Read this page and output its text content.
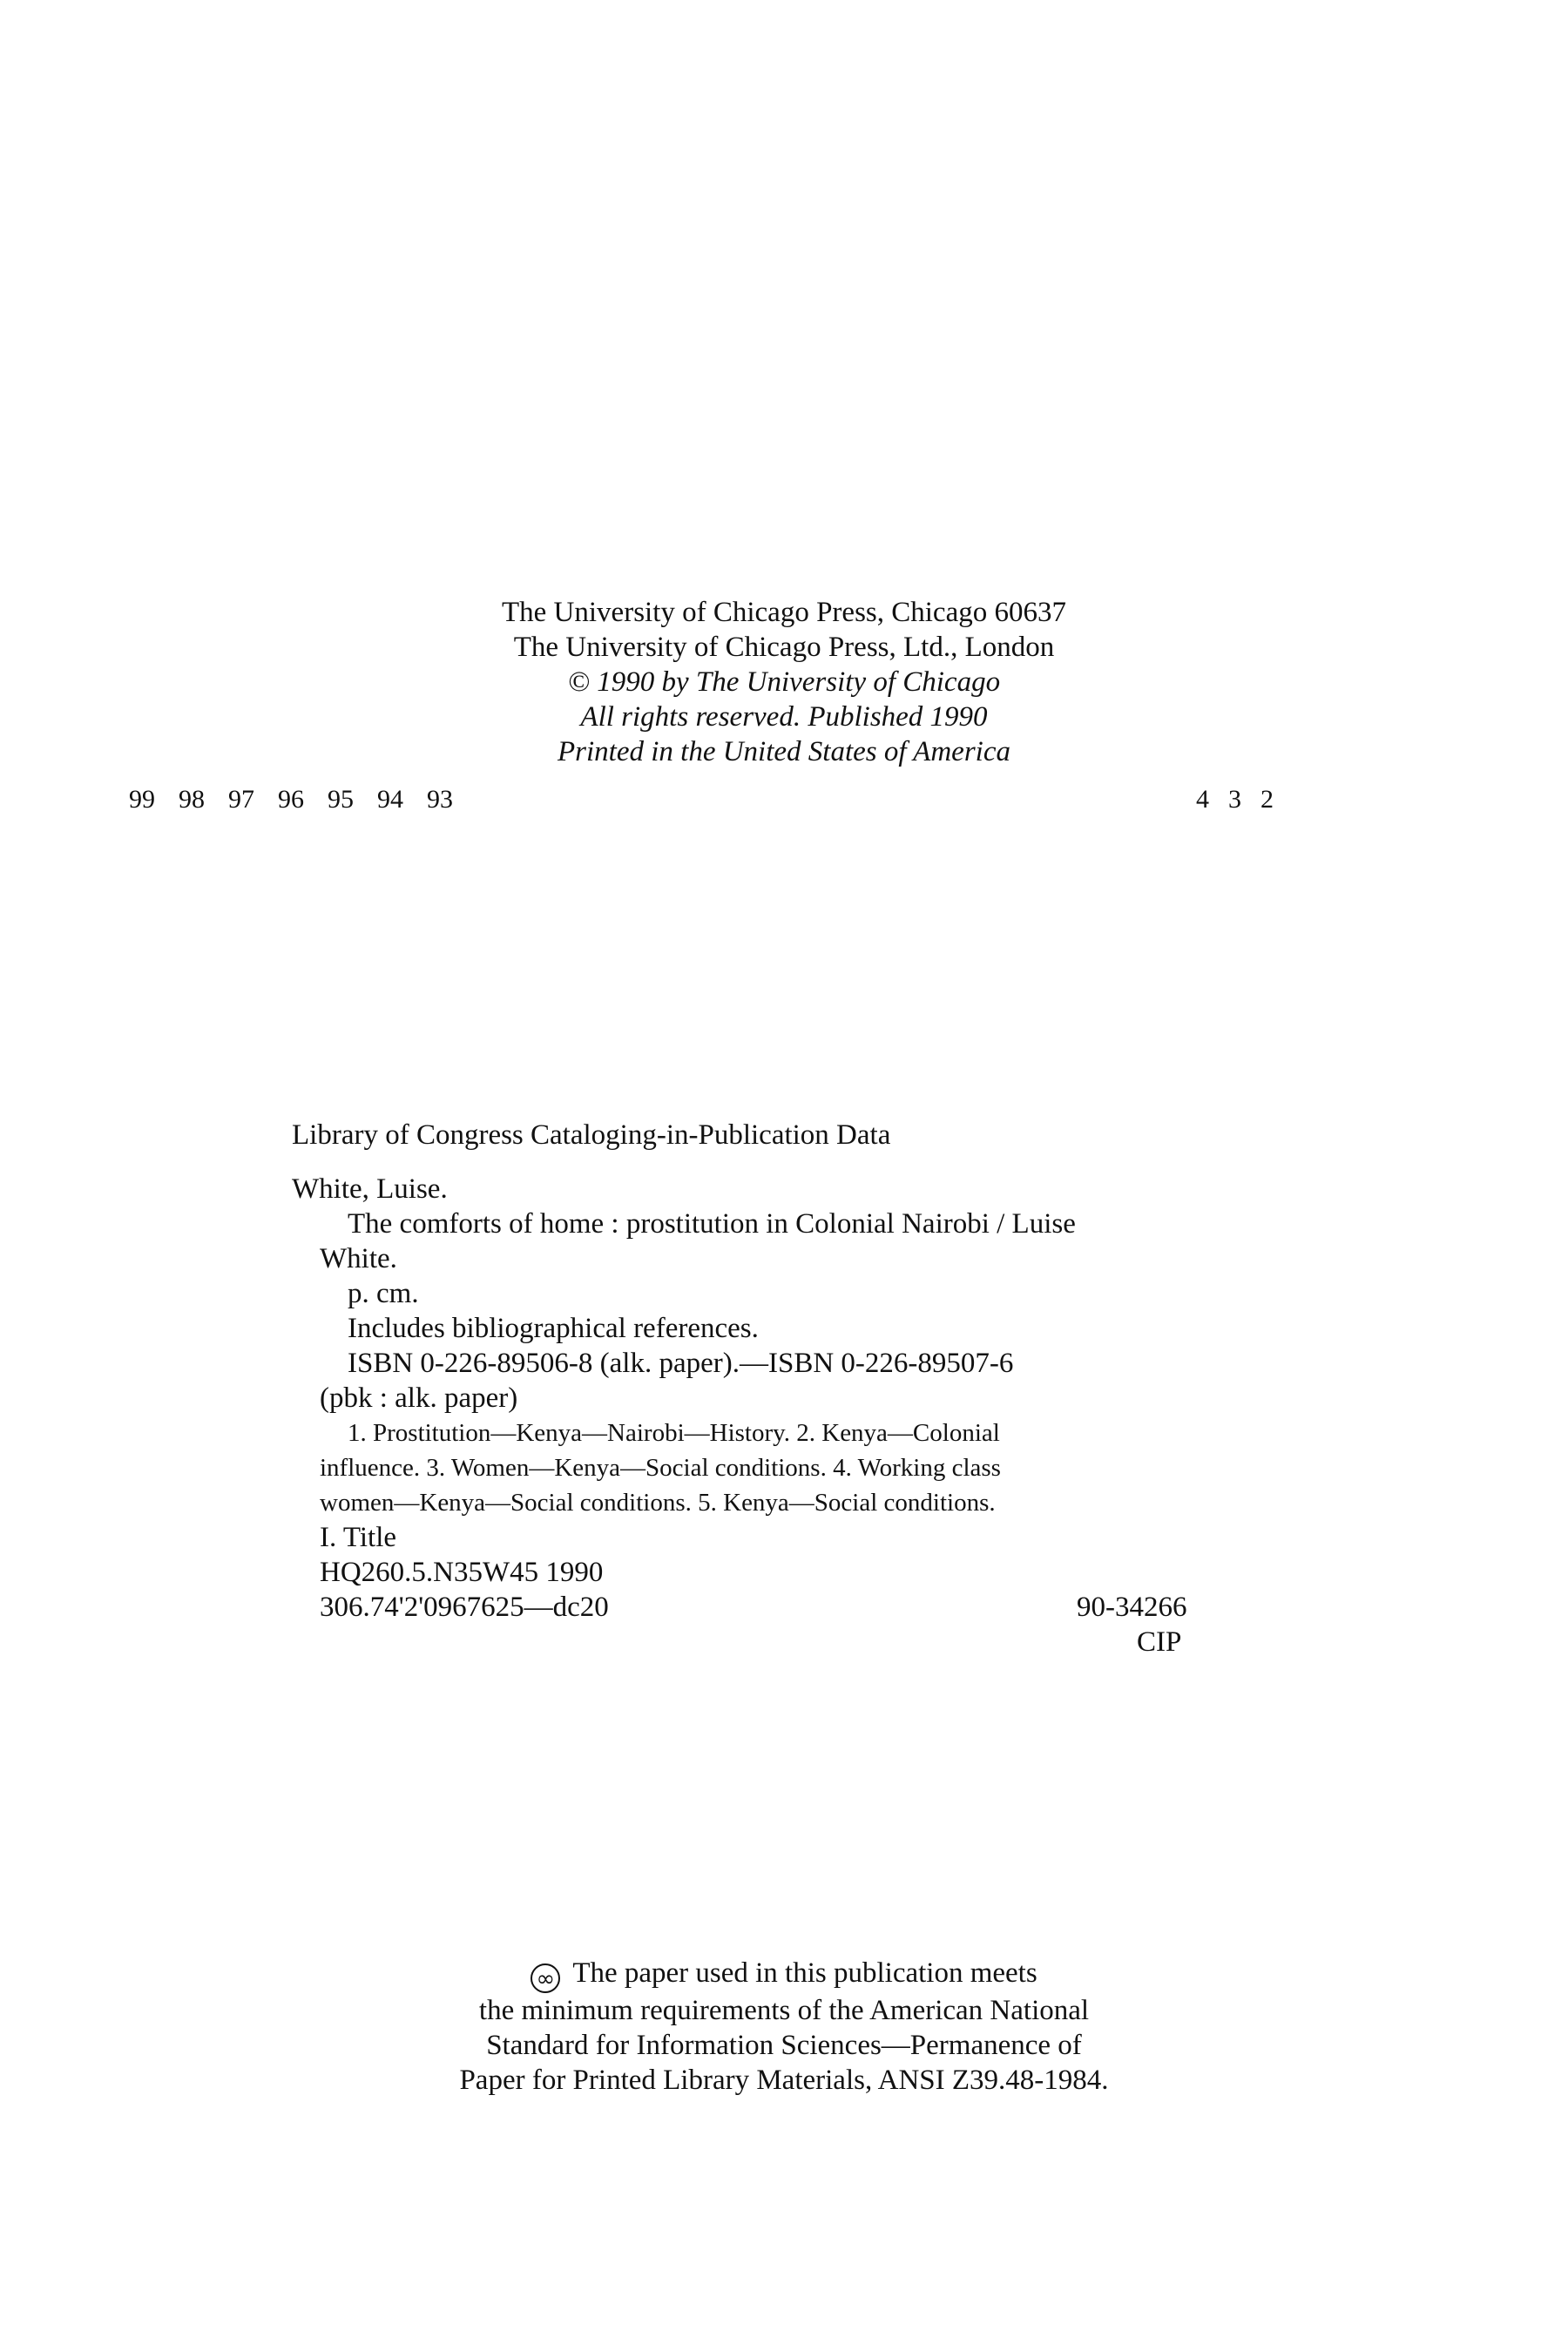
The University of Chicago Press, Chicago 60637
The University of Chicago Press, Ltd., London
© 1990 by The University of Chicago
All rights reserved. Published 1990
Printed in the United States of America
99 98 97 96 95 94 93	4 3 2
Library of Congress Cataloging-in-Publication Data
White, Luise.
The comforts of home : prostitution in Colonial Nairobi / Luise
White.
p. cm.
Includes bibliographical references.
ISBN 0-226-89506-8 (alk. paper).—ISBN 0-226-89507-6
(pbk : alk. paper)
1. Prostitution—Kenya—Nairobi—History. 2. Kenya—Colonial
influence. 3. Women—Kenya—Social conditions. 4. Working class
women—Kenya—Social conditions. 5. Kenya—Social conditions.
I. Title
HQ260.5.N35W45 1990
306.74'2'0967625—dc20	90-34266
CIP
∞ The paper used in this publication meets
the minimum requirements of the American National
Standard for Information Sciences—Permanence of
Paper for Printed Library Materials, ANSI Z39.48-1984.
